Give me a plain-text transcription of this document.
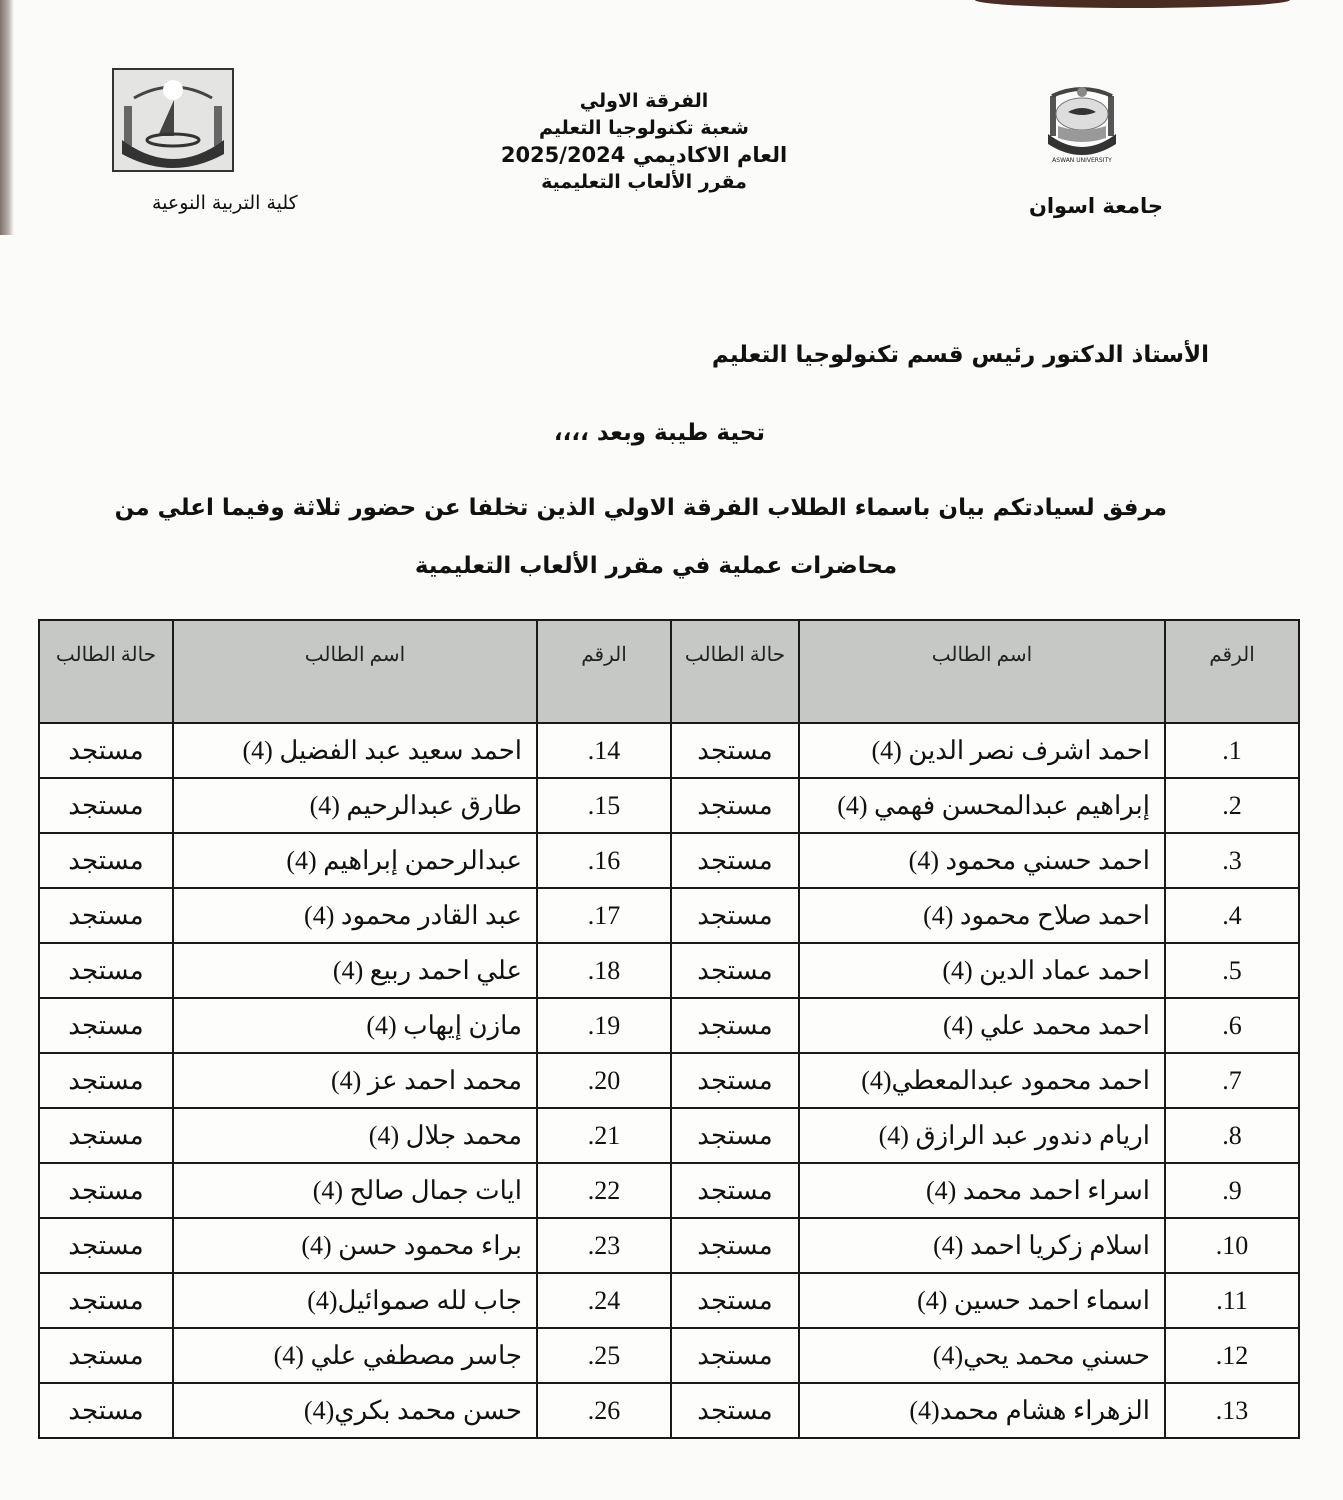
ASWAN UNIVERSITY
جامعة اسوان
كلية التربية النوعية
الفرقة الاولي
شعبة تكنولوجيا التعليم
العام الاكاديمي 2025/2024
مقرر الألعاب التعليمية
الأستاذ الدكتور رئيس قسم تكنولوجيا التعليم
تحية طيبة وبعد ،،،،
مرفق لسيادتكم بيان باسماء الطلاب الفرقة الاولي الذين تخلفا عن حضور ثلاثة وفيما اعلي من
محاضرات عملية في مقرر الألعاب التعليمية
الرقم	اسم الطالب	حالة الطالب	الرقم	اسم الطالب	حالة الطالب
1.	احمد اشرف نصر الدين (4)	مستجد	14.	احمد سعيد عبد الفضيل (4)	مستجد
2.	إبراهيم عبدالمحسن فهمي (4)	مستجد	15.	طارق عبدالرحيم (4)	مستجد
3.	احمد حسني محمود (4)	مستجد	16.	عبدالرحمن إبراهيم (4)	مستجد
4.	احمد صلاح محمود (4)	مستجد	17.	عبد القادر محمود (4)	مستجد
5.	احمد عماد الدين (4)	مستجد	18.	علي احمد ربيع (4)	مستجد
6.	احمد محمد علي (4)	مستجد	19.	مازن إيهاب (4)	مستجد
7.	احمد محمود عبدالمعطي(4)	مستجد	20.	محمد احمد عز (4)	مستجد
8.	اريام دندور عبد الرازق (4)	مستجد	21.	محمد جلال (4)	مستجد
9.	اسراء احمد محمد (4)	مستجد	22.	ايات جمال صالح (4)	مستجد
10.	اسلام زكريا احمد (4)	مستجد	23.	براء محمود حسن (4)	مستجد
11.	اسماء احمد حسين (4)	مستجد	24.	جاب لله صموائيل(4)	مستجد
12.	حسني محمد يحي(4)	مستجد	25.	جاسر مصطفي علي (4)	مستجد
13.	الزهراء هشام محمد(4)	مستجد	26.	حسن محمد بكري(4)	مستجد
